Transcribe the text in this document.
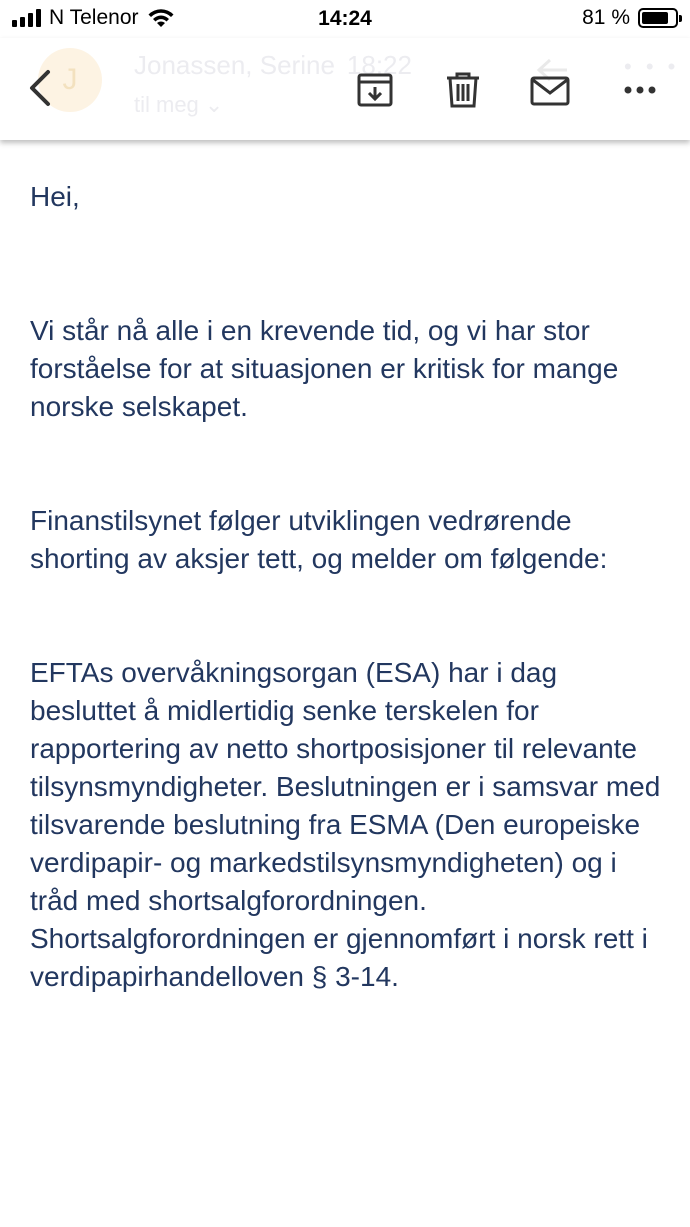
N Telenor	14:24	81 %
J	Jonassen, Serine 18:22
til meg ⌄
• • •

Hei,

Vi står nå alle i en krevende tid, og vi har stor forståelse for at situasjonen er kritisk for mange norske selskapet.

Finanstilsynet følger utviklingen vedrørende shorting av aksjer tett, og melder om følgende:

EFTAs overvåkningsorgan (ESA) har i dag besluttet å midlertidig senke terskelen for rapportering av netto shortposisjoner til relevante tilsynsmyndigheter. Beslutningen er i samsvar med tilsvarende beslutning fra ESMA (Den europeiske verdipapir- og markedstilsynsmyndigheten) og i tråd med shortsalgforordningen. Shortsalgforordningen er gjennomført i norsk rett i verdipapirhandelloven § 3-14.
